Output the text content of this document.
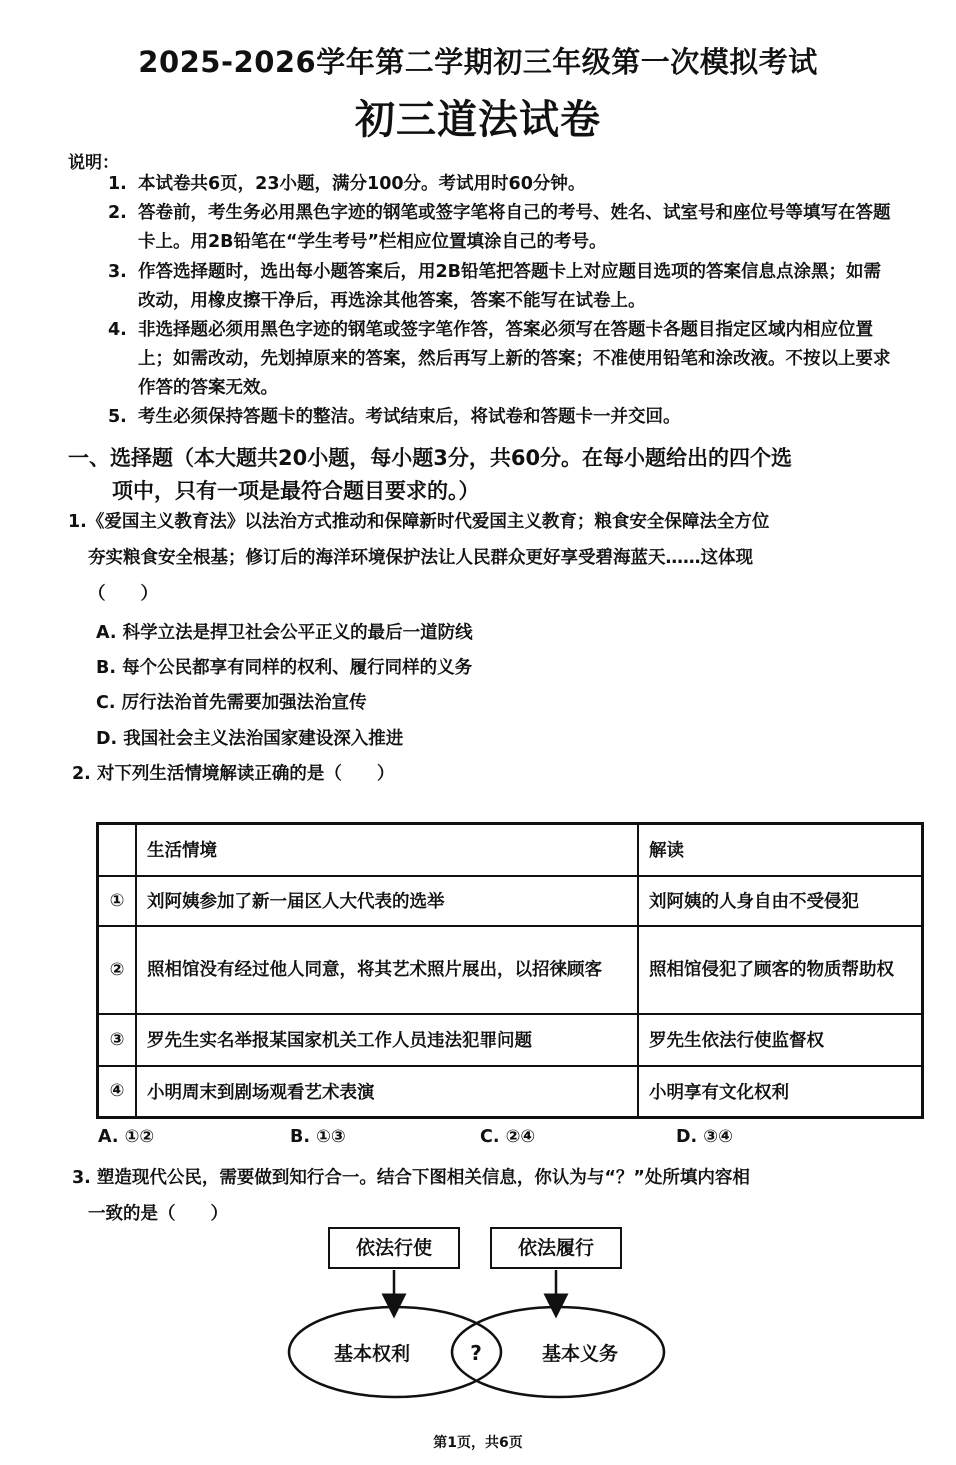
2025-2026学年第二学期初三年级第一次模拟考试
初三道法试卷
说明：
1. 本试卷共6页，23小题，满分100分。考试用时60分钟。
2. 答卷前，考生务必用黑色字迹的钢笔或签字笔将自己的考号、姓名、试室号和座位号等填写在答题卡上。用2B铅笔在“学生考号”栏相应位置填涂自己的考号。
3. 作答选择题时，选出每小题答案后，用2B铅笔把答题卡上对应题目选项的答案信息点涂黑；如需改动，用橡皮擦干净后，再选涂其他答案，答案不能写在试卷上。
4. 非选择题必须用黑色字迹的钢笔或签字笔作答，答案必须写在答题卡各题目指定区域内相应位置上；如需改动，先划掉原来的答案，然后再写上新的答案；不准使用铅笔和涂改液。不按以上要求作答的答案无效。
5. 考生必须保持答题卡的整洁。考试结束后，将试卷和答题卡一并交回。
一、选择题（本大题共20小题，每小题3分，共60分。在每小题给出的四个选
项中，只有一项是最符合题目要求的。）
1.《爱国主义教育法》以法治方式推动和保障新时代爱国主义教育；粮食安全保障法全方位
夯实粮食安全根基；修订后的海洋环境保护法让人民群众更好享受碧海蓝天……这体现
（　　）
A. 科学立法是捍卫社会公平正义的最后一道防线
B. 每个公民都享有同样的权利、履行同样的义务
C. 厉行法治首先需要加强法治宣传
D. 我国社会主义法治国家建设深入推进
2. 对下列生活情境解读正确的是（　　）
	生活情境	解读
①	刘阿姨参加了新一届区人大代表的选举	刘阿姨的人身自由不受侵犯
②	照相馆没有经过他人同意，将其艺术照片展出，以招徕顾客	照相馆侵犯了顾客的物质帮助权
③	罗先生实名举报某国家机关工作人员违法犯罪问题	罗先生依法行使监督权
④	小明周末到剧场观看艺术表演	小明享有文化权利
A. ①②	B. ①③	C. ②④	D. ③④
3. 塑造现代公民，需要做到知行合一。结合下图相关信息，你认为与“？”处所填内容相
一致的是（　　）
依法行使	依法履行
基本权利	基本义务
?
第1页，共6页
